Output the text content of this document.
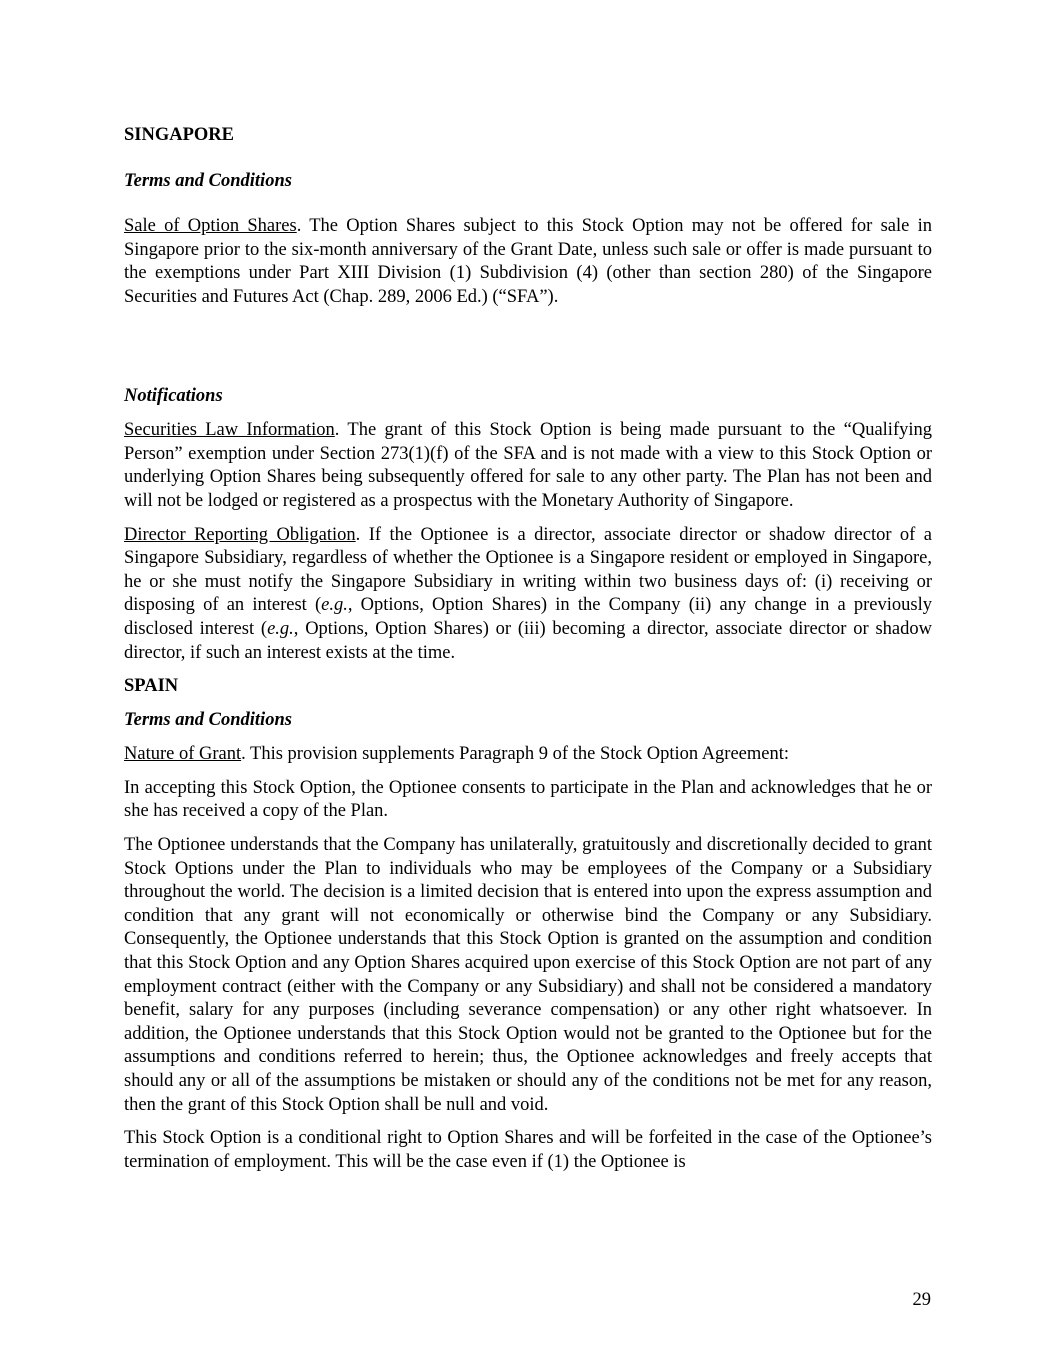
SINGAPORE

Terms and Conditions

Sale of Option Shares. The Option Shares subject to this Stock Option may not be offered for sale in Singapore prior to the six-month anniversary of the Grant Date, unless such sale or offer is made pursuant to the exemptions under Part XIII Division (1) Subdivision (4) (other than section 280) of the Singapore Securities and Futures Act (Chap. 289, 2006 Ed.) (“SFA”).

Notifications

Securities Law Information. The grant of this Stock Option is being made pursuant to the “Qualifying Person” exemption under Section 273(1)(f) of the SFA and is not made with a view to this Stock Option or underlying Option Shares being subsequently offered for sale to any other party. The Plan has not been and will not be lodged or registered as a prospectus with the Monetary Authority of Singapore.

Director Reporting Obligation. If the Optionee is a director, associate director or shadow director of a Singapore Subsidiary, regardless of whether the Optionee is a Singapore resident or employed in Singapore, he or she must notify the Singapore Subsidiary in writing within two business days of: (i) receiving or disposing of an interest (e.g., Options, Option Shares) in the Company (ii) any change in a previously disclosed interest (e.g., Options, Option Shares) or (iii) becoming a director, associate director or shadow director, if such an interest exists at the time.

SPAIN

Terms and Conditions

Nature of Grant. This provision supplements Paragraph 9 of the Stock Option Agreement:

In accepting this Stock Option, the Optionee consents to participate in the Plan and acknowledges that he or she has received a copy of the Plan.

The Optionee understands that the Company has unilaterally, gratuitously and discretionally decided to grant Stock Options under the Plan to individuals who may be employees of the Company or a Subsidiary throughout the world. The decision is a limited decision that is entered into upon the express assumption and condition that any grant will not economically or otherwise bind the Company or any Subsidiary. Consequently, the Optionee understands that this Stock Option is granted on the assumption and condition that this Stock Option and any Option Shares acquired upon exercise of this Stock Option are not part of any employment contract (either with the Company or any Subsidiary) and shall not be considered a mandatory benefit, salary for any purposes (including severance compensation) or any other right whatsoever. In addition, the Optionee understands that this Stock Option would not be granted to the Optionee but for the assumptions and conditions referred to herein; thus, the Optionee acknowledges and freely accepts that should any or all of the assumptions be mistaken or should any of the conditions not be met for any reason, then the grant of this Stock Option shall be null and void.

This Stock Option is a conditional right to Option Shares and will be forfeited in the case of the Optionee’s termination of employment. This will be the case even if (1) the Optionee is

29
